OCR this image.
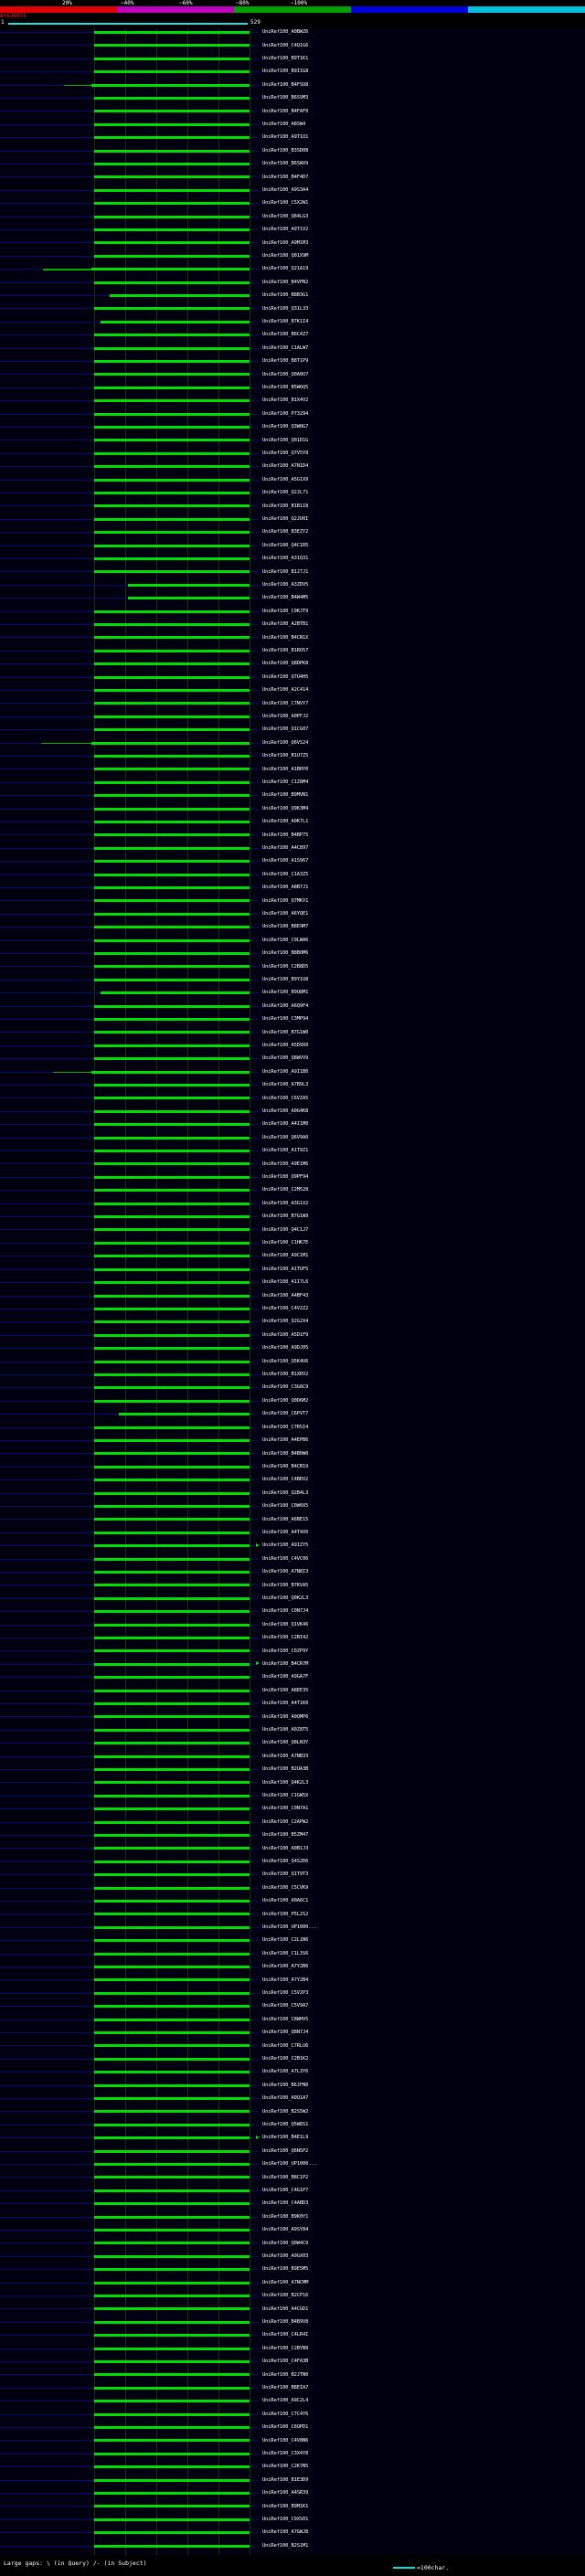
20%	~40%	~60%	~80%	~100%
AY636955
1	529
UniRef100_A0BWZ6
UniRef100_C4Q1G6
UniRef100_B9T1K1
UniRef100_B9I1G8
UniRef100_B4FSU8
UniRef100_B6SVM3
UniRef100_B4FAF0
UniRef100_A8SW4
UniRef100_A9T1O1
UniRef100_B3SD08
UniRef100_B6SWX9
UniRef100_B4F4D7
UniRef100_A9S3A4
UniRef100_C5X2W1
UniRef100_Q84LG3
UniRef100_A9T1V2
UniRef100_A9M1M3
UniRef100_Q01X9M
UniRef100_Q21A19
UniRef100_B4VPN2
UniRef100_B8B3G1
UniRef100_Q31L33
UniRef100_B7K1I4
UniRef100_B6C4Z7
UniRef100_C1ALW7
UniRef100_B8T1P9
UniRef100_Q0A0U7
UniRef100_B5W6Q5
UniRef100_B1X4V2
UniRef100_P73294
UniRef100_Q3W8G7
UniRef100_Q01D1G
UniRef100_Q7V5Y8
UniRef100_A7N1D4
UniRef100_A5G1X9
UniRef100_Q2JL71
UniRef100_B1B1I8
UniRef100_Q2JU0I
UniRef100_B3EZY2
UniRef100_Q4C1R5
UniRef100_A31Q31
UniRef100_B1J7J1
UniRef100_A3ZDV5
UniRef100_B4W4M5
UniRef100_C9KJT9
UniRef100_A2BTB1
UniRef100_B4CN1X
UniRef100_B1RO57
UniRef100_Q8DPK8
UniRef100_Q7U4H5
UniRef100_A2C414
UniRef100_C7NVY7
UniRef100_A0PFJ2
UniRef100_Q1CG07
UniRef100_Q6VS24
UniRef100_B1U7Z5
UniRef100_A1BHY0
UniRef100_C1Z8M4
UniRef100_B9MVN1
UniRef100_Q9K3M4
UniRef100_A0K7L1
UniRef100_B4BP75
UniRef100_A4C897
UniRef100_A1S967
UniRef100_C1A3Z5
UniRef100_A8B7J1
UniRef100_Q7MKV1
UniRef100_A6YQE1
UniRef100_B8E9M7
UniRef100_C9LWA6
UniRef100_B8B0M6
UniRef100_C2B8D5
UniRef100_B9Y1U8
UniRef100_B9Q8M1
UniRef100_A6Q9F4
UniRef100_C3MP94
UniRef100_B7G1W0
UniRef100_A5D9X0
UniRef100_Q8WVV9
UniRef100_A9I1B0
UniRef100_A7B9L3
UniRef100_C6VZA5
UniRef100_A0G4K8
UniRef100_A4I1M0
UniRef100_Q6V9A0
UniRef100_A1T9Z1
UniRef100_A9E1M6
UniRef100_Q9PF94
UniRef100_C2M528
UniRef100_A3G1X2
UniRef100_B7G1W9
UniRef100_Q4C1J7
UniRef100_C1HK7E
UniRef100_A9C1M1
UniRef100_A1TUF5
UniRef100_A1I7L6
UniRef100_A4BF43
UniRef100_C4V2Z2
UniRef100_Q2G2X4
UniRef100_A5D1F9
UniRef100_A9DJ05
UniRef100_Q5K4U6
UniRef100_B1XRV2
UniRef100_C3G8C9
UniRef100_Q0D6M2
UniRef100_C6PVT7
UniRef100_C7R5I4
UniRef100_A4EPB6
UniRef100_B4B0W0
UniRef100_B4CB19
UniRef100_C4BDV2
UniRef100_Q2B4L3
UniRef100_C0W0X5
UniRef100_A6BE15
UniRef100_A4T4X0
UniRef100_A9IZY5
UniRef100_C4VC06
UniRef100_A7N8I3
UniRef100_B7KVA5
UniRef100_Q0K2L3
UniRef100_C0N7J4
UniRef100_Q1VK46
UniRef100_C2BI42
UniRef100_C0ZP9Y
UniRef100_B4CR7M
UniRef100_A9GA7F
UniRef100_A8EE35
UniRef100_A4T1K0
UniRef100_A0QMP6
UniRef100_A0Z8T5
UniRef100_Q8LN3Y
UniRef100_A7NB33
UniRef100_B2UA3B
UniRef100_Q4K2L3
UniRef100_C1GW5X
UniRef100_C0N7A1
UniRef100_C2APW2
UniRef100_B5ZM47
UniRef100_A0B1J3
UniRef100_Q4S2D6
UniRef100_Q1T9T3
UniRef100_C5CVK9
UniRef100_A0A6C1
UniRef100_P5L2S2
UniRef100_UP1000...
UniRef100_C2L1N6
UniRef100_C1L3S6
UniRef100_A7Y2B6
UniRef100_A7Y2B4
UniRef100_C5V2P3
UniRef100_C5V9A7
UniRef100_C8WHV5
UniRef100_Q8N7J4
UniRef100_C7RLU6
UniRef100_C2B1K2
UniRef100_A7L3Y6
UniRef100_B6JFN0
UniRef100_A0Q1A7
UniRef100_B2S5W2
UniRef100_Q5W8S1
UniRef100_B4E1L9
UniRef100_Q6N5P2
UniRef100_UP1000...
UniRef100_B8C1P2
UniRef100_C4G1P7
UniRef100_C4ABD3
UniRef100_B9K0Y1
UniRef100_A9SY84
UniRef100_Q0W4C9
UniRef100_A9GX03
UniRef100_B9E5M5
UniRef100_A7NCMM
UniRef100_B2CP16
UniRef100_A4CGD1
UniRef100_B4B9V8
UniRef100_C4LR4I
UniRef100_C2BYB8
UniRef100_C4FA3B
UniRef100_B2JTN0
UniRef100_B8EIA7
UniRef100_A9C2L4
UniRef100_C7C4Y6
UniRef100_C6QPD1
UniRef100_C4V8N6
UniRef100_C3X4Y8
UniRef100_C2K7N5
UniRef100_B1E3D9
UniRef100_A4SR39
UniRef100_B9M1K1
UniRef100_C9XS01
UniRef100_A7GWJ8
UniRef100_B2S1M1
Large gaps: \ (in Query) /- (in Subject)
=100char.
